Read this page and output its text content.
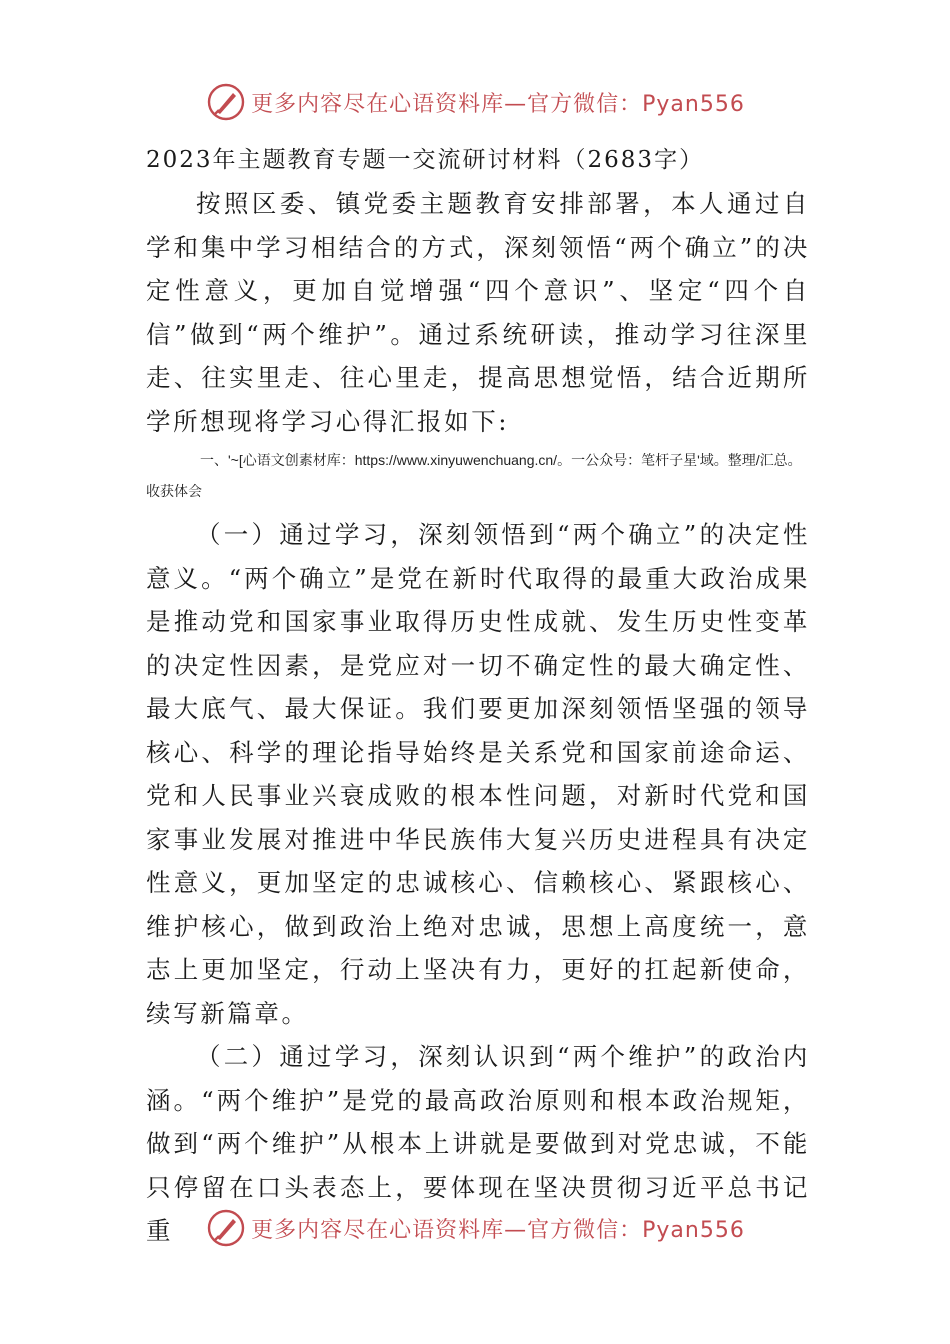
更多内容尽在心语资料库—官方微信：Pyan556
2023年主题教育专题一交流研讨材料（2683字）

按照区委、镇党委主题教育安排部署，本人通过自学和集中学习相结合的方式，深刻领悟“两个确立”的决定性意义，更加自觉增强“四个意识”、坚定“四个自信”做到“两个维护”。通过系统研读，推动学习往深里走、往实里走、往心里走，提高思想觉悟，结合近期所学所想现将学习心得汇报如下:

一、'~[心语文创素材库：https://www.xinyuwenchuang.cn/。一公众号：笔杆子星'域。整理/汇总。收获体会

（一）通过学习，深刻领悟到“两个确立”的决定性意义。“两个确立”是党在新时代取得的最重大政治成果是推动党和国家事业取得历史性成就、发生历史性变革的决定性因素，是党应对一切不确定性的最大确定性、最大底气、最大保证。我们要更加深刻领悟坚强的领导核心、科学的理论指导始终是关系党和国家前途命运、党和人民事业兴衰成败的根本性问题，对新时代党和国家事业发展对推进中华民族伟大复兴历史进程具有决定性意义，更加坚定的忠诚核心、信赖核心、紧跟核心、维护核心，做到政治上绝对忠诚，思想上高度统一，意志上更加坚定，行动上坚决有力，更好的扛起新使命，续写新篇章。

（二）通过学习，深刻认识到“两个维护”的政治内涵。“两个维护”是党的最高政治原则和根本政治规矩，做到“两个维护”从根本上讲就是要做到对党忠诚，不能只停留在口头表态上，要体现在坚决贯彻习近平总书记重	更多内容尽在心语资料库—官方微信：Pyan556
